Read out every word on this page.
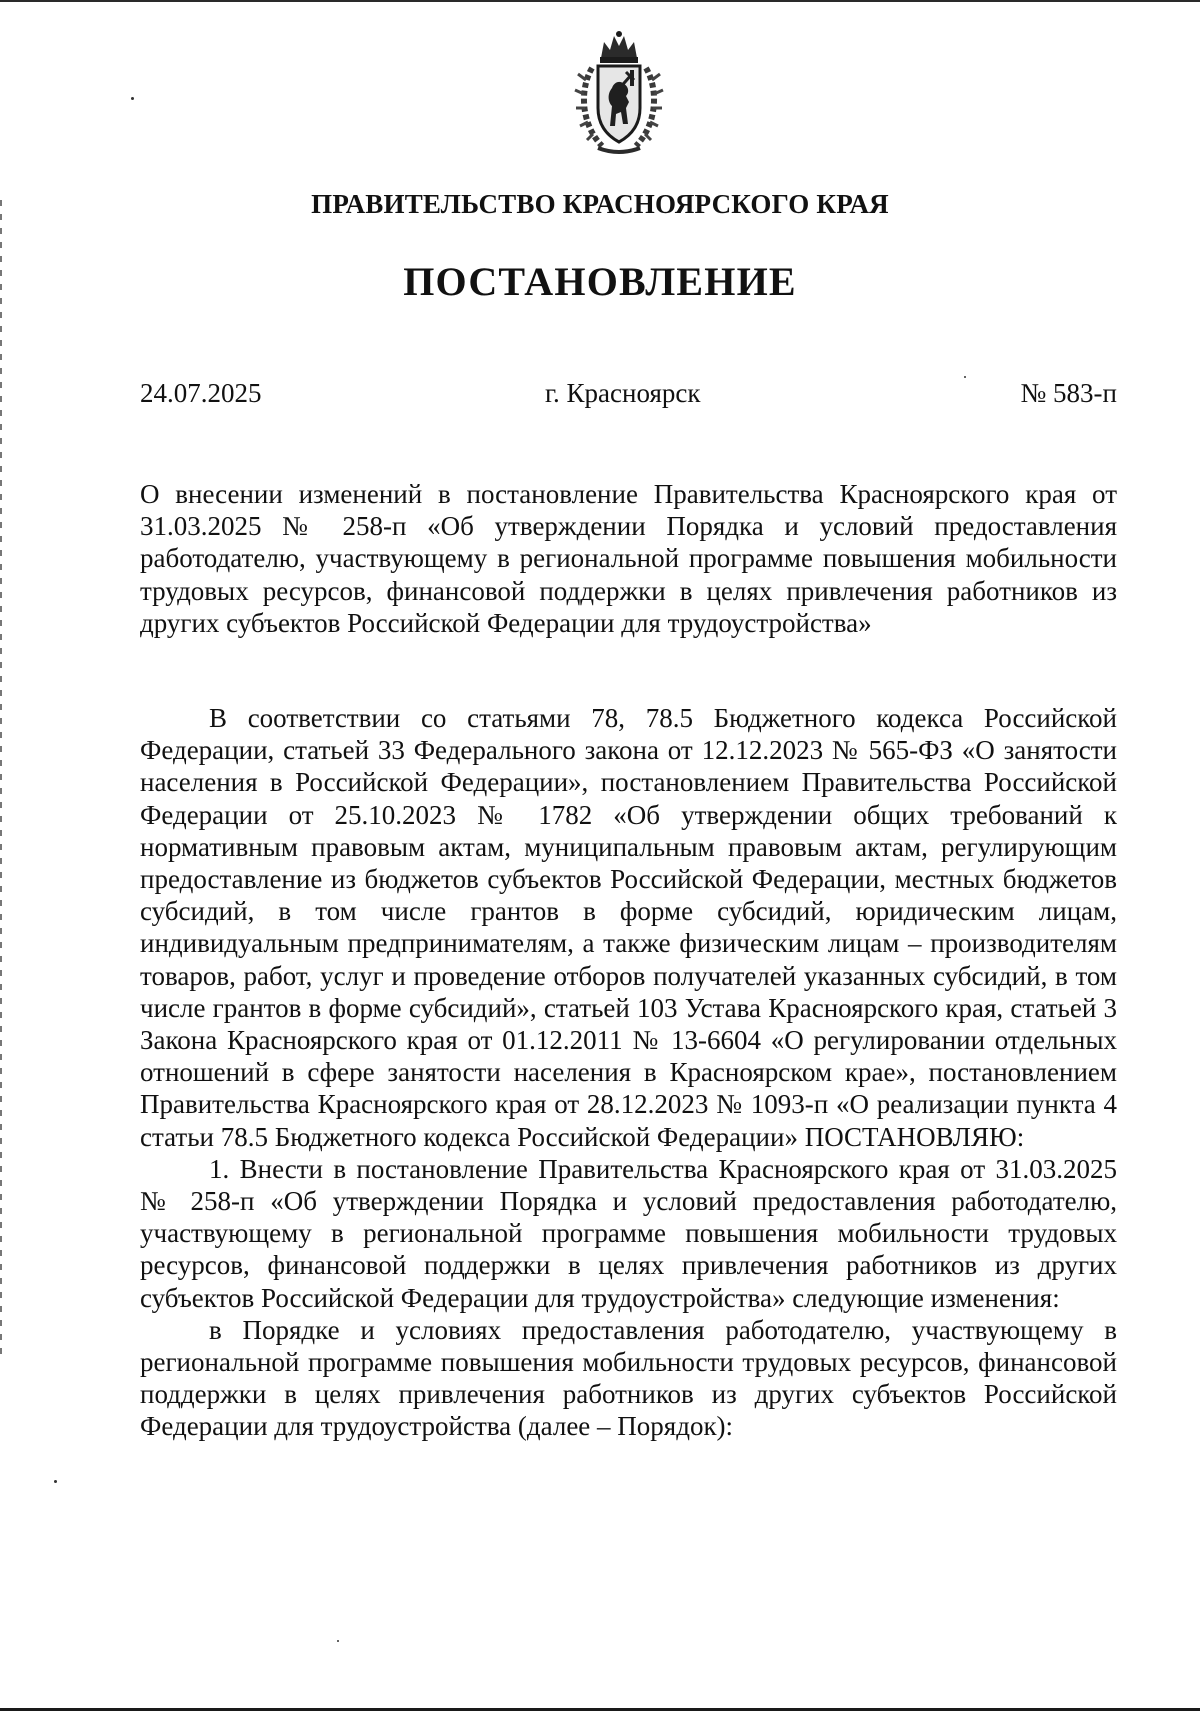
ПРАВИТЕЛЬСТВО КРАСНОЯРСКОГО КРАЯ
ПОСТАНОВЛЕНИЕ
24.07.2025	г. Красноярск	№ 583-п

О внесении изменений в постановление Правительства Красноярского края от 31.03.2025 № 258-п «Об утверждении Порядка и условий предоставления работодателю, участвующему в региональной программе повышения мобильности трудовых ресурсов, финансовой поддержки в целях привлечения работников из других субъектов Российской Федерации для трудоустройства»

В соответствии со статьями 78, 78.5 Бюджетного кодекса Российской Федерации, статьей 33 Федерального закона от 12.12.2023 № 565-ФЗ «О занятости населения в Российской Федерации», постановлением Правительства Российской Федерации от 25.10.2023 № 1782 «Об утверждении общих требований к нормативным правовым актам, муниципальным правовым актам, регулирующим предоставление из бюджетов субъектов Российской Федерации, местных бюджетов субсидий, в том числе грантов в форме субсидий, юридическим лицам, индивидуальным предпринимателям, а также физическим лицам – производителям товаров, работ, услуг и проведение отборов получателей указанных субсидий, в том числе грантов в форме субсидий», статьей 103 Устава Красноярского края, статьей 3 Закона Красноярского края от 01.12.2011 № 13-6604 «О регулировании отдельных отношений в сфере занятости населения в Красноярском крае», постановлением Правительства Красноярского края от 28.12.2023 № 1093-п «О реализации пункта 4 статьи 78.5 Бюджетного кодекса Российской Федерации» ПОСТАНОВЛЯЮ:

1. Внести в постановление Правительства Красноярского края от 31.03.2025 № 258-п «Об утверждении Порядка и условий предоставления работодателю, участвующему в региональной программе повышения мобильности трудовых ресурсов, финансовой поддержки в целях привлечения работников из других субъектов Российской Федерации для трудоустройства» следующие изменения:

в Порядке и условиях предоставления работодателю, участвующему в региональной программе повышения мобильности трудовых ресурсов, финансовой поддержки в целях привлечения работников из других субъектов Российской Федерации для трудоустройства (далее – Порядок):
